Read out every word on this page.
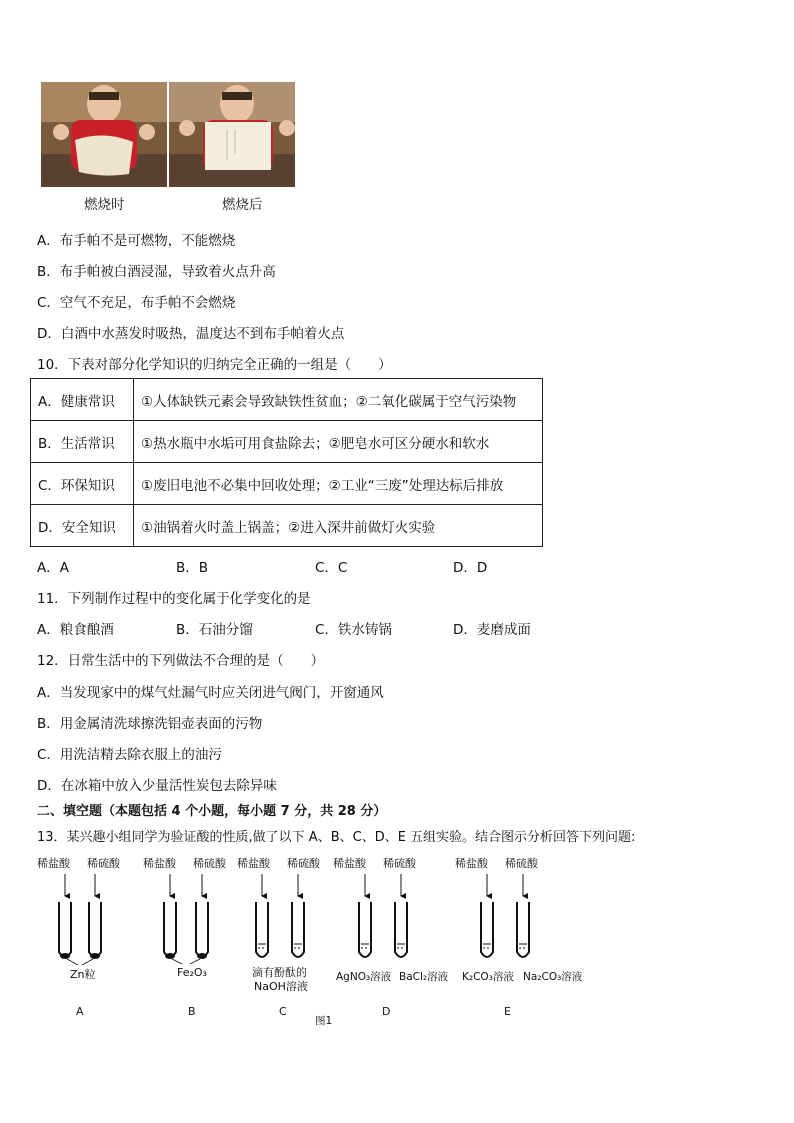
燃烧时	燃烧后
A．布手帕不是可燃物，不能燃烧
B．布手帕被白酒浸湿，导致着火点升高
C．空气不充足，布手帕不会燃烧
D．白酒中水蒸发时吸热，温度达不到布手帕着火点
10．下表对部分化学知识的归纳完全正确的一组是（　　）
A．健康常识	①人体缺铁元素会导致缺铁性贫血；②二氧化碳属于空气污染物
B．生活常识	①热水瓶中水垢可用食盐除去；②肥皂水可区分硬水和软水
C．环保知识	①废旧电池不必集中回收处理；②工业“三废”处理达标后排放
D．安全知识	①油锅着火时盖上锅盖；②进入深井前做灯火实验
A．A	B．B	C．C	D．D
11．下列制作过程中的变化属于化学变化的是
A．粮食酿酒	B．石油分馏	C．铁水铸锅	D．麦磨成面
12．日常生活中的下列做法不合理的是（　　）
A．当发现家中的煤气灶漏气时应关闭进气阀门，开窗通风
B．用金属清洗球擦洗铝壶表面的污物
C．用洗洁精去除衣服上的油污
D．在冰箱中放入少量活性炭包去除异味
二、填空题（本题包括 4 个小题，每小题 7 分，共 28 分）
13．某兴趣小组同学为验证酸的性质,做了以下 A、B、C、D、E 五组实验。结合图示分析回答下列问题:
稀盐酸 稀硫酸
Zn粒
A
稀盐酸 稀硫酸
Fe₂O₃
B
稀盐酸 稀硫酸
滴有酚酞的
NaOH溶液
C
稀盐酸 稀硫酸
AgNO₃溶液 BaCl₂溶液
D
稀盐酸 稀硫酸
K₂CO₃溶液 Na₂CO₃溶液
E
图1
